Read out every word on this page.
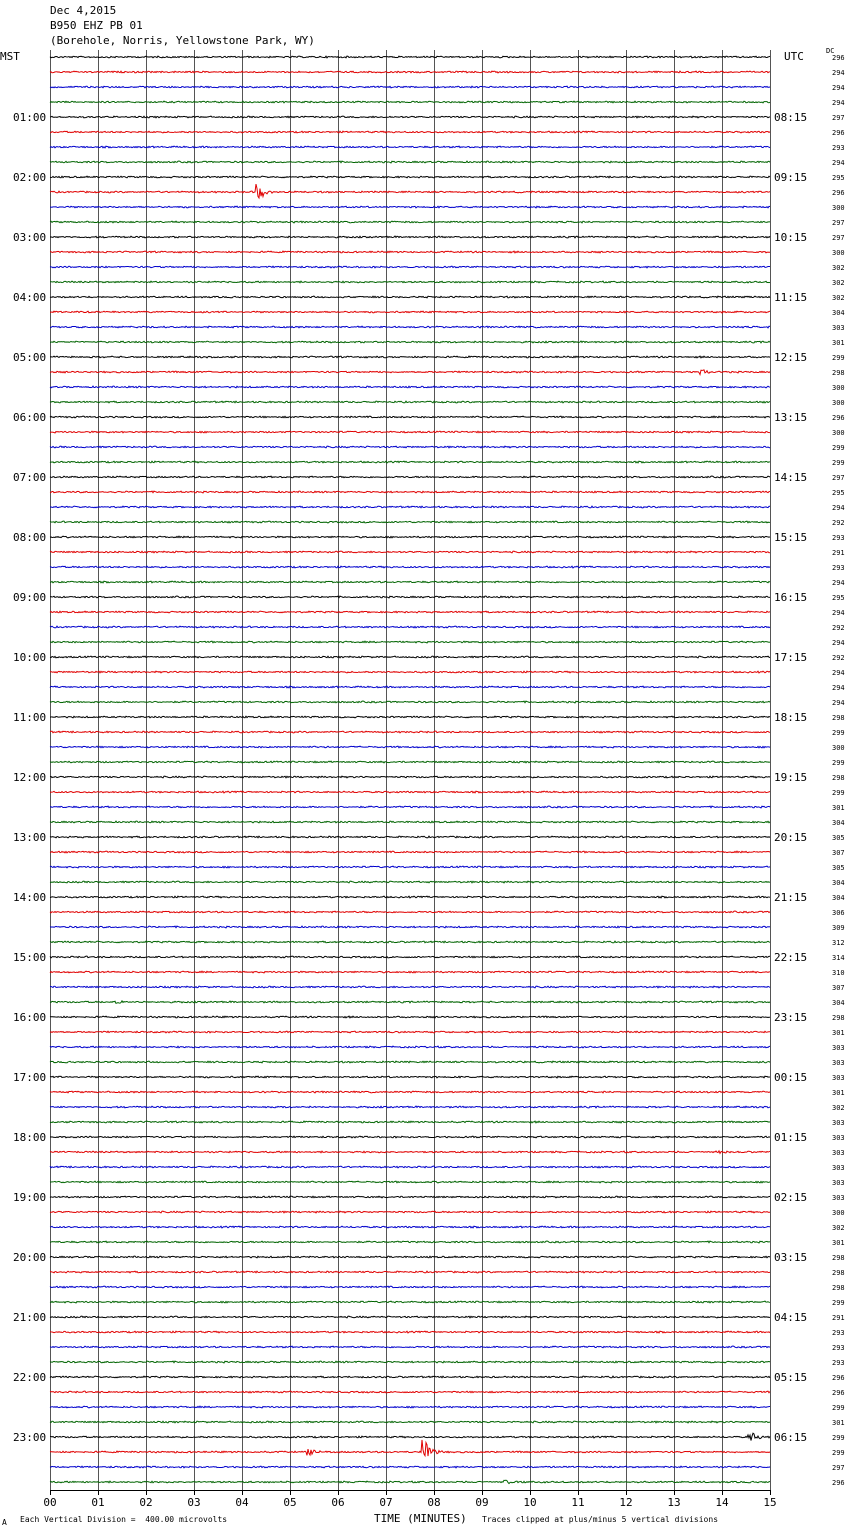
Dec 4,2015
B950 EHZ PB 01
(Borehole, Norris, Yellowstone Park, WY)
MST	UTC	DC
296
294
294
294
297
296
293
294
295
296
300
297
297
300
302
302
302
304
303
301
299
298
300
300
296
300
299
299
297
295
294
292
293
291
293
294
295
294
292
294
292
294
294
294
298
299
300
299
298
299
301
304
305
307
305
304
304
306
309
312
314
310
307
304
298
301
303
303
303
301
302
303
303
303
303
303
303
300
302
301
298
298
298
299
291
293
293
293
296
296
299
301
299
299
297
296
01:00
02:00
03:00
04:00
05:00
06:00
07:00
08:00
09:00
10:00
11:00
12:00
13:00
14:00
15:00
16:00
17:00
18:00
19:00
20:00
21:00
22:00
23:00
08:15
09:15
10:15
11:15
12:15
13:15
14:15
15:15
16:15
17:15
18:15
19:15
20:15
21:15
22:15
23:15
00:15
01:15
02:15
03:15
04:15
05:15
06:15
00	01	02	03	04	05	06	07	08	09	10	11	12	13	14	15
A Each Vertical Division =  400.00 microvolts	TIME (MINUTES) Traces clipped at plus/minus 5 vertical divisions
